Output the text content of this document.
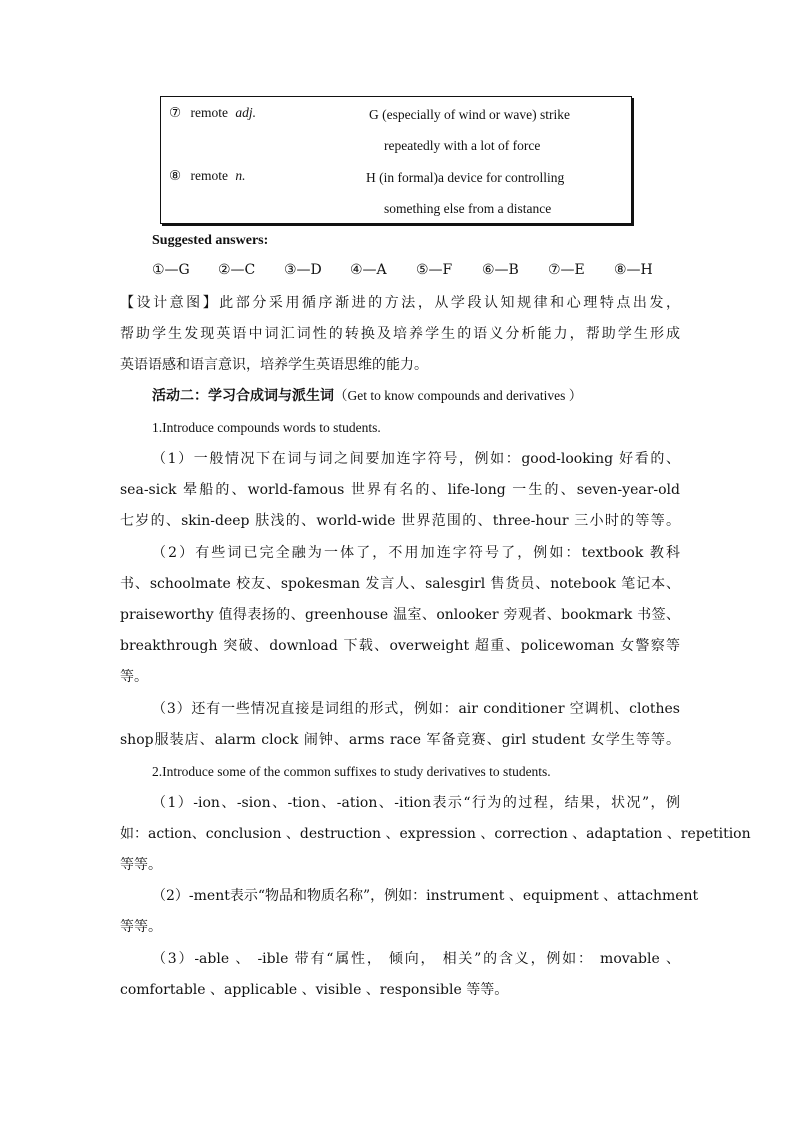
⑦ remote adj.	G (especially of wind or wave) strike
repeatedly with a lot of force
⑧ remote n.	H (in formal)a device for controlling
something else from a distance
Suggested answers:
①—G ②—C ③—D ④—A ⑤—F ⑥—B ⑦—E ⑧—H
【设计意图】此部分采用循序渐进的方法，从学段认知规律和心理特点出发，
帮助学生发现英语中词汇词性的转换及培养学生的语义分析能力，帮助学生形成
英语语感和语言意识，培养学生英语思维的能力。
活动二：学习合成词与派生词（Get to know compounds and derivatives ）
1.Introduce compounds words to students.
（1）一般情况下在词与词之间要加连字符号，例如：good-looking 好看的、
sea-sick 晕船的、world-famous 世界有名的、life-long 一生的、seven-year-old
七岁的、skin-deep 肤浅的、world-wide 世界范围的、three-hour 三小时的等等。
（2）有些词已完全融为一体了，不用加连字符号了，例如：textbook 教科
书、schoolmate 校友、spokesman 发言人、salesgirl 售货员、notebook 笔记本、
praiseworthy 值得表扬的、greenhouse 温室、onlooker 旁观者、bookmark 书签、
breakthrough 突破、download 下载、overweight 超重、policewoman 女警察等
等。
（3）还有一些情况直接是词组的形式，例如：air conditioner 空调机、clothes
shop服装店、alarm clock 闹钟、arms race 军备竞赛、girl student 女学生等等。
2.Introduce some of the common suffixes to study derivatives to students.
（1）-ion、-sion、-tion、-ation、-ition表示“行为的过程，结果，状况”，例
如：action、conclusion 、destruction 、expression 、correction 、adaptation 、repetition
等等。
（2）-ment表示“物品和物质名称”，例如：instrument 、equipment 、attachment
等等。
（3）-able 、 -ible 带有“属性， 倾向， 相关”的含义，例如： movable 、
comfortable 、applicable 、visible 、responsible 等等。
